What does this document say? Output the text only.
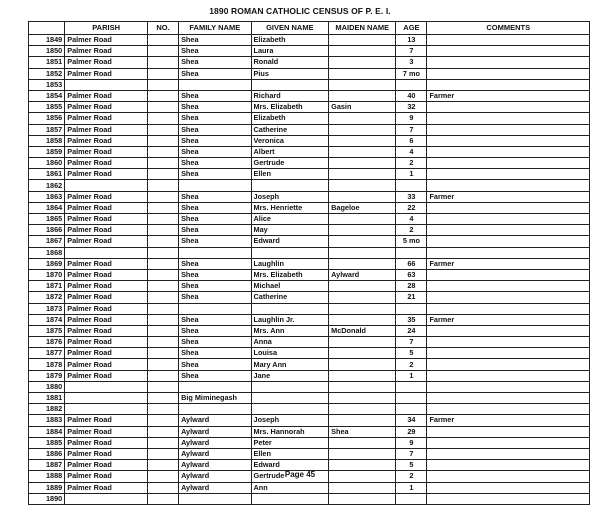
1890 ROMAN CATHOLIC CENSUS OF P. E. I.
	PARISH	NO.	FAMILY NAME	GIVEN NAME	MAIDEN NAME	AGE	COMMENTS
1849	Palmer Road		Shea	Elizabeth		13	
1850	Palmer Road		Shea	Laura		7	
1851	Palmer Road		Shea	Ronald		3	
1852	Palmer Road		Shea	Pius		7 mo	
1853							
1854	Palmer Road		Shea	Richard		40	Farmer
1855	Palmer Road		Shea	Mrs. Elizabeth	Gasin	32	
1856	Palmer Road		Shea	Elizabeth		9	
1857	Palmer Road		Shea	Catherine		7	
1858	Palmer Road		Shea	Veronica		6	
1859	Palmer Road		Shea	Albert		4	
1860	Palmer Road		Shea	Gertrude		2	
1861	Palmer Road		Shea	Ellen		1	
1862							
1863	Palmer Road		Shea	Joseph		33	Farmer
1864	Palmer Road		Shea	Mrs. Henriette	Bageloe	22	
1865	Palmer Road		Shea	Alice		4	
1866	Palmer Road		Shea	May		2	
1867	Palmer Road		Shea	Edward		5 mo	
1868							
1869	Palmer Road		Shea	Laughlin		66	Farmer
1870	Palmer Road		Shea	Mrs. Elizabeth	Aylward	63	
1871	Palmer Road		Shea	Michael		28	
1872	Palmer Road		Shea	Catherine		21	
1873	Palmer Road						
1874	Palmer Road		Shea	Laughlin Jr.		35	Farmer
1875	Palmer Road		Shea	Mrs. Ann	McDonald	24	
1876	Palmer Road		Shea	Anna		7	
1877	Palmer Road		Shea	Louisa		5	
1878	Palmer Road		Shea	Mary Ann		2	
1879	Palmer Road		Shea	Jane		1	
1880							
1881			Big Miminegash				
1882							
1883	Palmer Road		Aylward	Joseph		34	Farmer
1884	Palmer Road		Aylward	Mrs. Hannorah	Shea	29	
1885	Palmer Road		Aylward	Peter		9	
1886	Palmer Road		Aylward	Ellen		7	
1887	Palmer Road		Aylward	Edward		5	
1888	Palmer Road		Aylward	Gertrude		2	
1889	Palmer Road		Aylward	Ann		1	
1890							
Page 45
